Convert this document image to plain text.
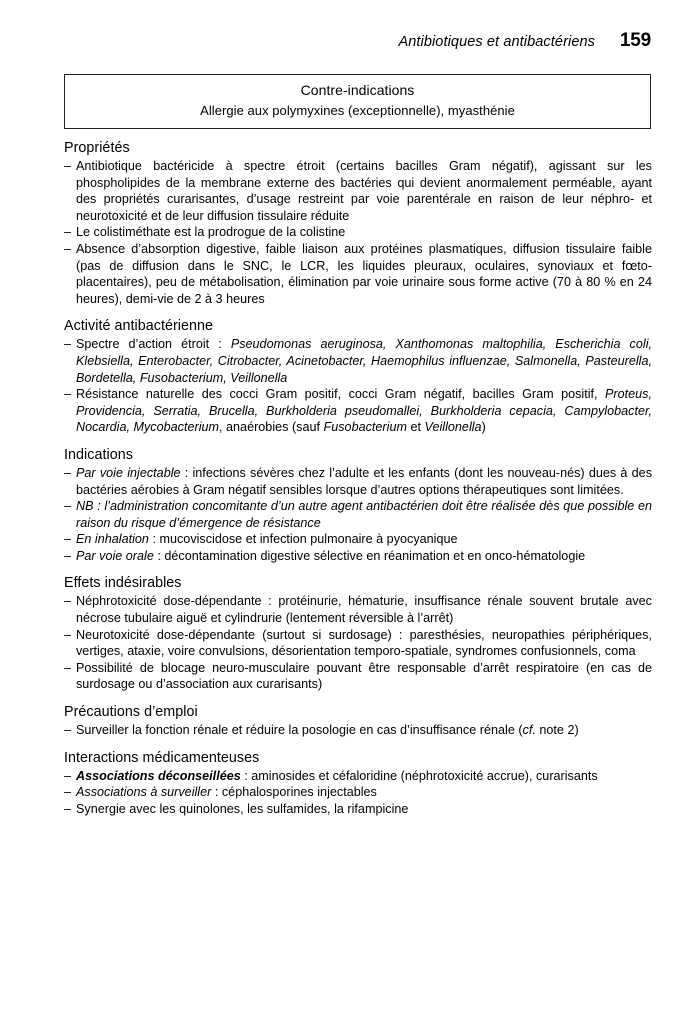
Antibiotiques et antibactériens 159
Contre-indications
Allergie aux polymyxines (exceptionnelle), myasthénie
Propriétés
– Antibiotique bactéricide à spectre étroit (certains bacilles Gram négatif), agissant sur les phospholipides de la membrane externe des bactéries qui devient anormalement perméable, ayant des propriétés curarisantes, d’usage restreint par voie parentérale en raison de leur néphro- et neurotoxicité et de leur diffusion tissulaire réduite
– Le colistiméthate est la prodrogue de la colistine
– Absence d’absorption digestive, faible liaison aux protéines plasmatiques, diffusion tissulaire faible (pas de diffusion dans le SNC, le LCR, les liquides pleuraux, oculaires, synoviaux et fœto-placentaires), peu de métabolisation, élimination par voie urinaire sous forme active (70 à 80 % en 24 heures), demi-vie de 2 à 3 heures
Activité antibactérienne
– Spectre d’action étroit : Pseudomonas aeruginosa, Xanthomonas maltophilia, Escherichia coli, Klebsiella, Enterobacter, Citrobacter, Acinetobacter, Haemophilus influenzae, Salmonella, Pasteurella, Bordetella, Fusobacterium, Veillonella
– Résistance naturelle des cocci Gram positif, cocci Gram négatif, bacilles Gram positif, Proteus, Providencia, Serratia, Brucella, Burkholderia pseudomallei, Burkholderia cepacia, Campylobacter, Nocardia, Mycobacterium, anaérobies (sauf Fusobacterium et Veillonella)
Indications
– Par voie injectable : infections sévères chez l’adulte et les enfants (dont les nouveau-nés) dues à des bactéries aérobies à Gram négatif sensibles lorsque d’autres options thérapeutiques sont limitées.
– NB : l’administration concomitante d’un autre agent antibactérien doit être réalisée dès que possible en raison du risque d’émergence de résistance
– En inhalation : mucoviscidose et infection pulmonaire à pyocyanique
– Par voie orale : décontamination digestive sélective en réanimation et en onco-hématologie
Effets indésirables
– Néphrotoxicité dose-dépendante : protéinurie, hématurie, insuffisance rénale souvent brutale avec nécrose tubulaire aiguë et cylindrurie (lentement réversible à l’arrêt)
– Neurotoxicité dose-dépendante (surtout si surdosage) : paresthésies, neuropathies périphériques, vertiges, ataxie, voire convulsions, désorientation temporo-spatiale, syndromes confusionnels, coma
– Possibilité de blocage neuro-musculaire pouvant être responsable d’arrêt respiratoire (en cas de surdosage ou d’association aux curarisants)
Précautions d’emploi
– Surveiller la fonction rénale et réduire la posologie en cas d’insuffisance rénale (cf. note 2)
Interactions médicamenteuses
– Associations déconseillées : aminosides et céfaloridine (néphrotoxicité accrue), curarisants
– Associations à surveiller : céphalosporines injectables
– Synergie avec les quinolones, les sulfamides, la rifampicine
